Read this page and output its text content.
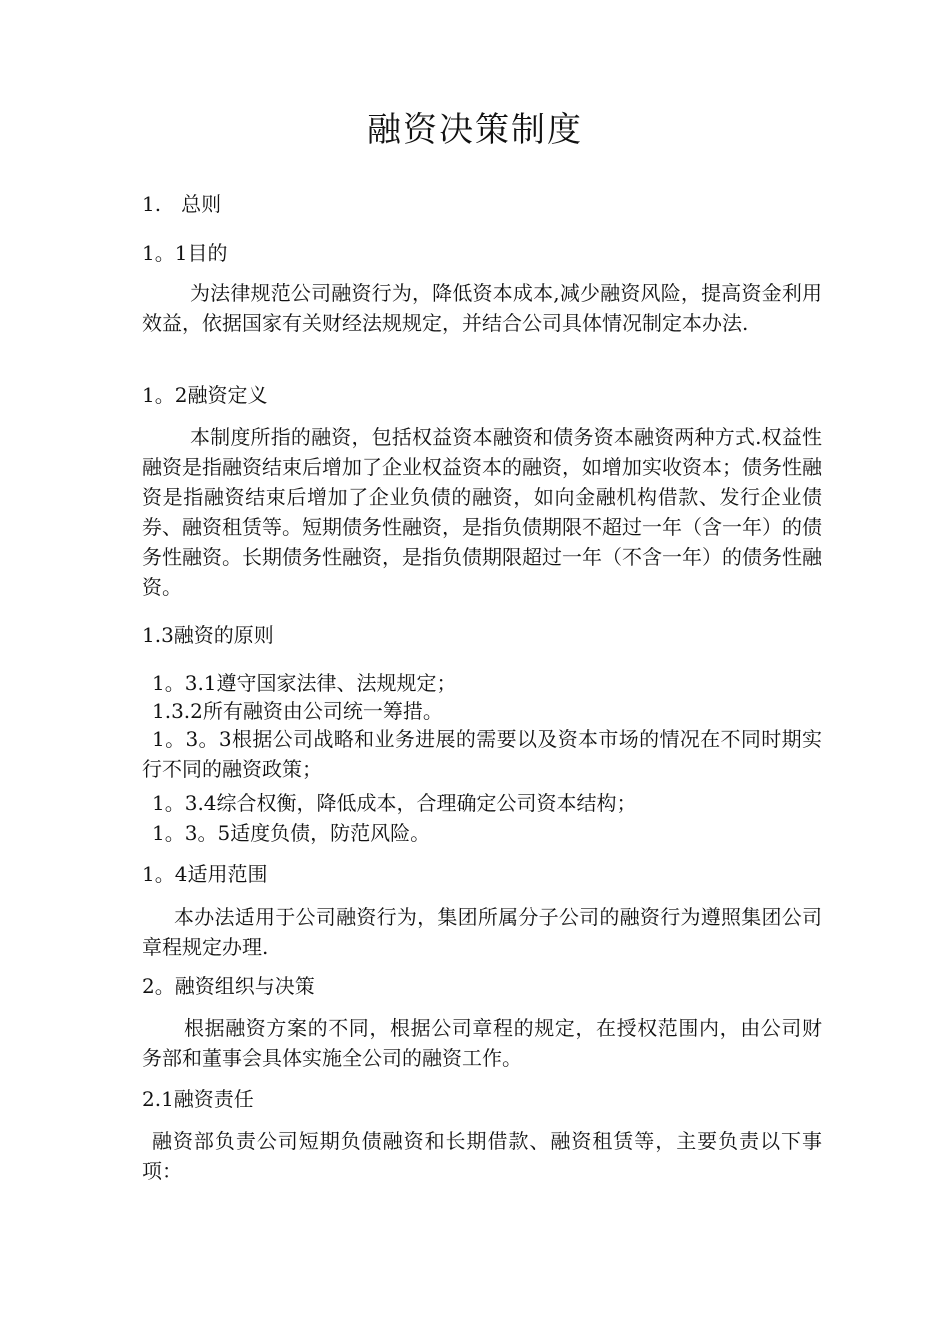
融资决策制度
1.　总则
1。1目的
为法律规范公司融资行为，降低资本成本,减少融资风险，提高资金利用效益，依据国家有关财经法规规定，并结合公司具体情况制定本办法.
1。2融资定义
本制度所指的融资，包括权益资本融资和债务资本融资两种方式.权益性融资是指融资结束后增加了企业权益资本的融资，如增加实收资本；债务性融资是指融资结束后增加了企业负债的融资，如向金融机构借款、发行企业债券、融资租赁等。短期债务性融资，是指负债期限不超过一年（含一年）的债务性融资。长期债务性融资，是指负债期限超过一年（不含一年）的债务性融资。
1.3融资的原则
1。3.1遵守国家法律、法规规定；
1.3.2所有融资由公司统一筹措。
1。3。3根据公司战略和业务进展的需要以及资本市场的情况在不同时期实行不同的融资政策；
1。3.4综合权衡，降低成本，合理确定公司资本结构；
1。3。5适度负债，防范风险。
1。4适用范围
本办法适用于公司融资行为，集团所属分子公司的融资行为遵照集团公司章程规定办理.
2。融资组织与决策
根据融资方案的不同，根据公司章程的规定，在授权范围内，由公司财务部和董事会具体实施全公司的融资工作。
2.1融资责任
融资部负责公司短期负债融资和长期借款、融资租赁等，主要负责以下事项：
